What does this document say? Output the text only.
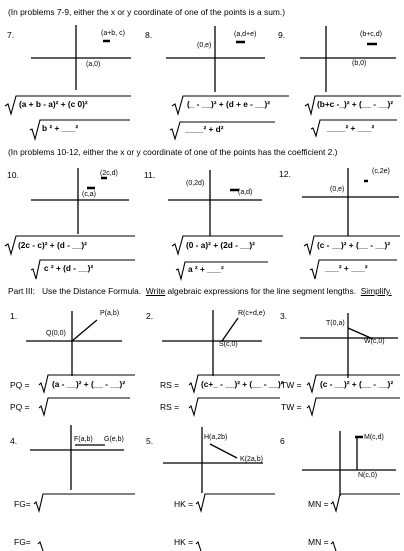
(In problems 7-9, either the x or y coordinate of one of the points is a sum.)
7.	(a+b, c)
(a,0)
(a + b - a)² + (c 0)²
b ² + ___²
8.	(a,d+e)
(0,e)
(_ - __)² + (d + e - __)²
____² + d²
9.	(b+c,d)
(b,0)
(b+c -_)² + (__ - __)²
____² + ___²
(In problems 10-12, either the x or y coordinate of one of the points has the coefficient 2.)
10.	(2c,d)
(c,a)
(2c - c)² + (d - __)²
c ² + (d - __)²
11.
(0,2d)
(a,d)
(0 - a)² + (2d - __)²
a ² + ___²
12.	(c,2e)
(0,e)
(c - __)² + (__ - __)²
___² + ___²
Part III: Use the Distance Formula. Write algebraic expressions for the line segment lengths. Simplify.
1.	P(a,b)
Q(0,0)
PQ =	(a - __)² + (__ - __)²
PQ =
2.	R(c+d,e)
S(c,0)
RS =	(c+_ - __)² + (__ - __)²
RS =
3.
T(0,a)
W(c,0)
TW = (c - __)² + (__ - __)²
TW =
4.	F(a,b) G(e,b)
FG=
FG=
5.	H(a,2b)
K(2a,b)
HK =
HK =
6	M(c,d)
N(c,0)
MN =
MN =
